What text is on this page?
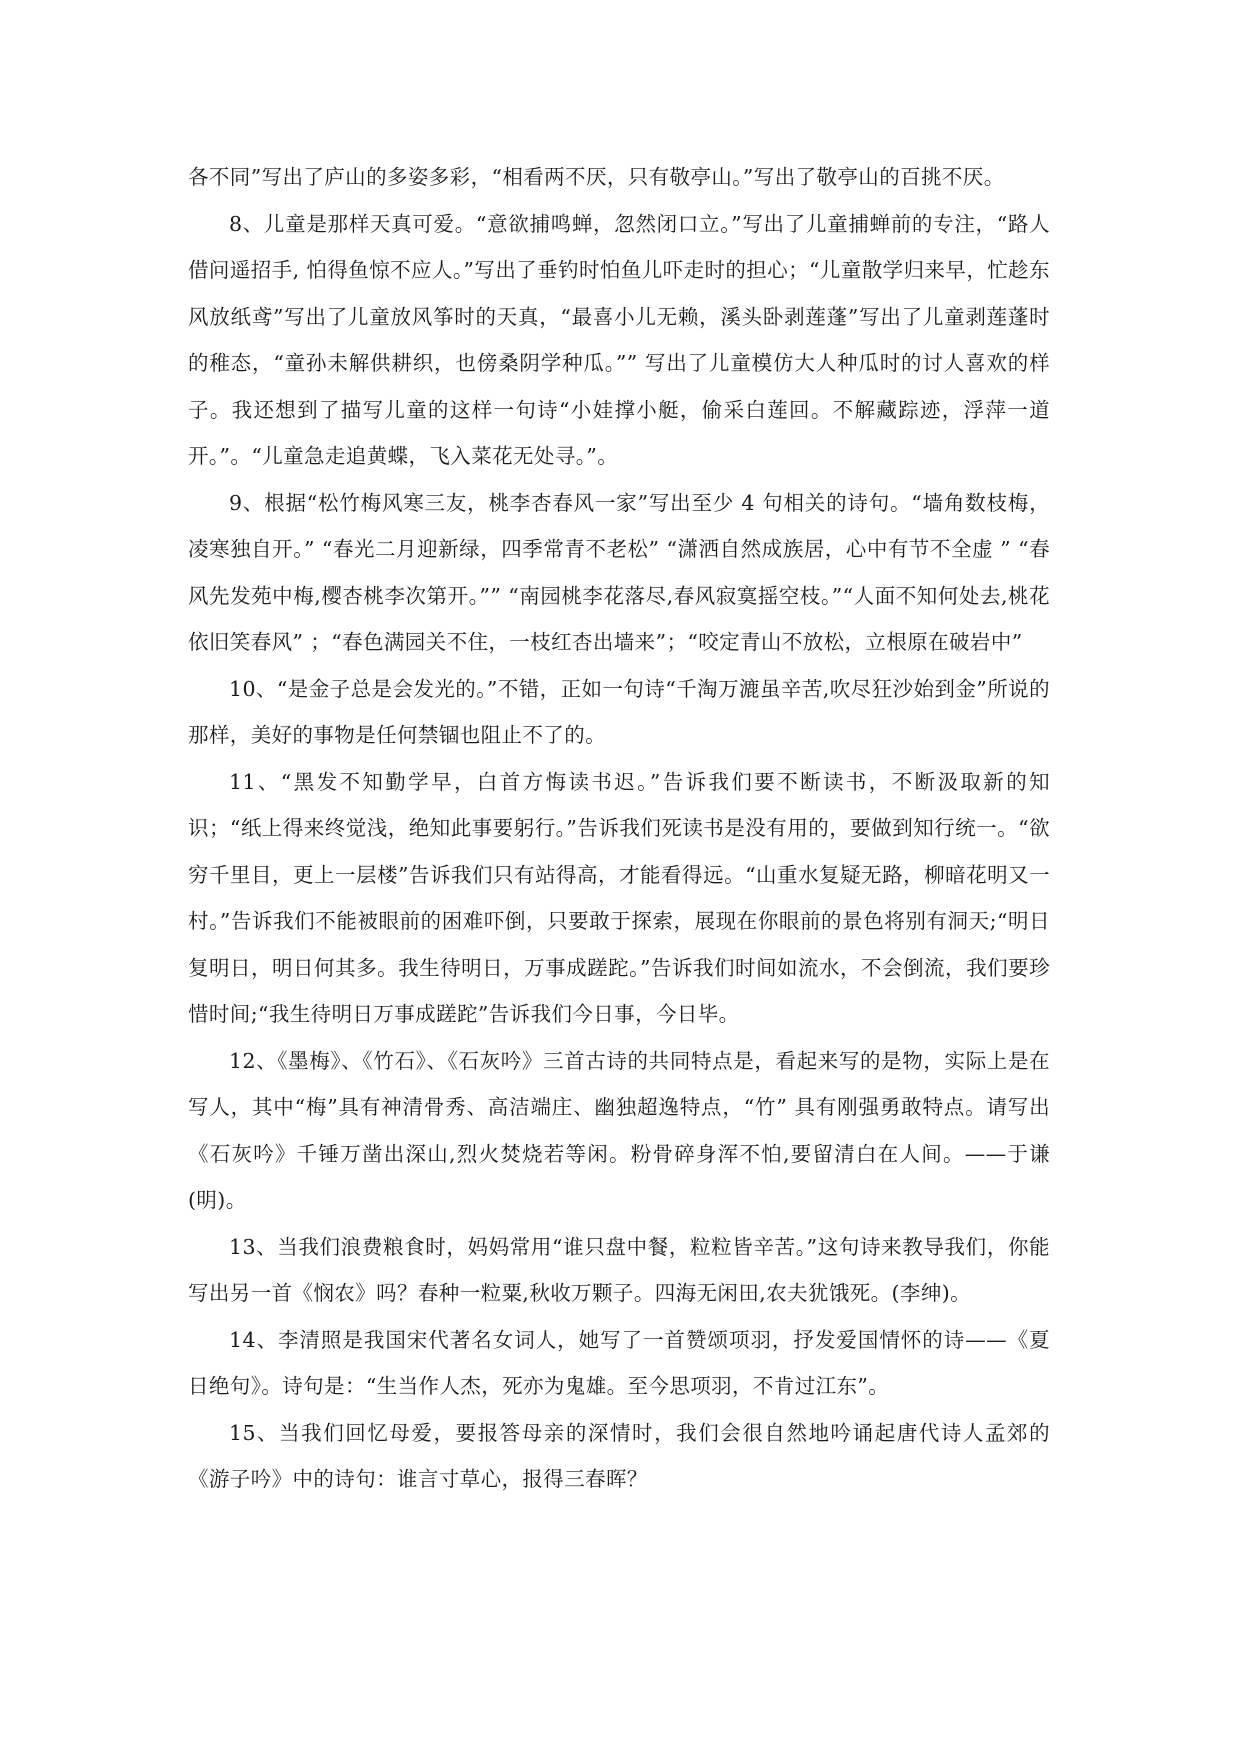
各不同”写出了庐山的多姿多彩，“相看两不厌，只有敬亭山。”写出了敬亭山的百挑不厌。

8、儿童是那样天真可爱。“意欲捕鸣蝉，忽然闭口立。”写出了儿童捕蝉前的专注，“路人借问遥招手, 怕得鱼惊不应人。”写出了垂钓时怕鱼儿吓走时的担心；“儿童散学归来早，忙趁东风放纸鸢”写出了儿童放风筝时的天真，“最喜小儿无赖，溪头卧剥莲蓬”写出了儿童剥莲蓬时的稚态，“童孙未解供耕织，也傍桑阴学种瓜。”” 写出了儿童模仿大人种瓜时的讨人喜欢的样子。我还想到了描写儿童的这样一句诗“小娃撑小艇，偷采白莲回。不解藏踪迹，浮萍一道开。”。“儿童急走追黄蝶，飞入菜花无处寻。”。

9、根据“松竹梅风寒三友，桃李杏春风一家”写出至少 4 句相关的诗句。“墙角数枝梅，凌寒独自开。” “春光二月迎新绿，四季常青不老松” “潇洒自然成族居，心中有节不全虚 ” “春风先发苑中梅,樱杏桃李次第开。”” “南园桃李花落尽,春风寂寞摇空枝。”“人面不知何处去,桃花依旧笑春风” ；“春色满园关不住，一枝红杏出墙来”；“咬定青山不放松，立根原在破岩中”

10、“是金子总是会发光的。”不错，正如一句诗“千淘万漉虽辛苦,吹尽狂沙始到金”所说的那样，美好的事物是任何禁锢也阻止不了的。

11、“黑发不知勤学早，白首方悔读书迟。”告诉我们要不断读书，不断汲取新的知识；“纸上得来终觉浅，绝知此事要躬行。”告诉我们死读书是没有用的，要做到知行统一。“欲穷千里目，更上一层楼”告诉我们只有站得高，才能看得远。“山重水复疑无路，柳暗花明又一村。”告诉我们不能被眼前的困难吓倒，只要敢于探索，展现在你眼前的景色将别有洞天;“明日复明日，明日何其多。我生待明日，万事成蹉跎。”告诉我们时间如流水，不会倒流，我们要珍惜时间;“我生待明日万事成蹉跎”告诉我们今日事，今日毕。

12、《墨梅》、《竹石》、《石灰吟》三首古诗的共同特点是，看起来写的是物，实际上是在写人，其中“梅”具有神清骨秀、高洁端庄、幽独超逸特点，“竹” 具有刚强勇敢特点。请写出《石灰吟》千锤万凿出深山,烈火焚烧若等闲。粉骨碎身浑不怕,要留清白在人间。——于谦(明)。

13、当我们浪费粮食时，妈妈常用“谁只盘中餐，粒粒皆辛苦。”这句诗来教导我们，你能写出另一首《悯农》吗？春种一粒粟,秋收万颗子。四海无闲田,农夫犹饿死。(李绅)。

14、李清照是我国宋代著名女词人，她写了一首赞颂项羽，抒发爱国情怀的诗——《夏日绝句》。诗句是：“生当作人杰，死亦为鬼雄。至今思项羽，不肯过江东”。

15、当我们回忆母爱，要报答母亲的深情时，我们会很自然地吟诵起唐代诗人孟郊的《游子吟》中的诗句：谁言寸草心，报得三春晖？
